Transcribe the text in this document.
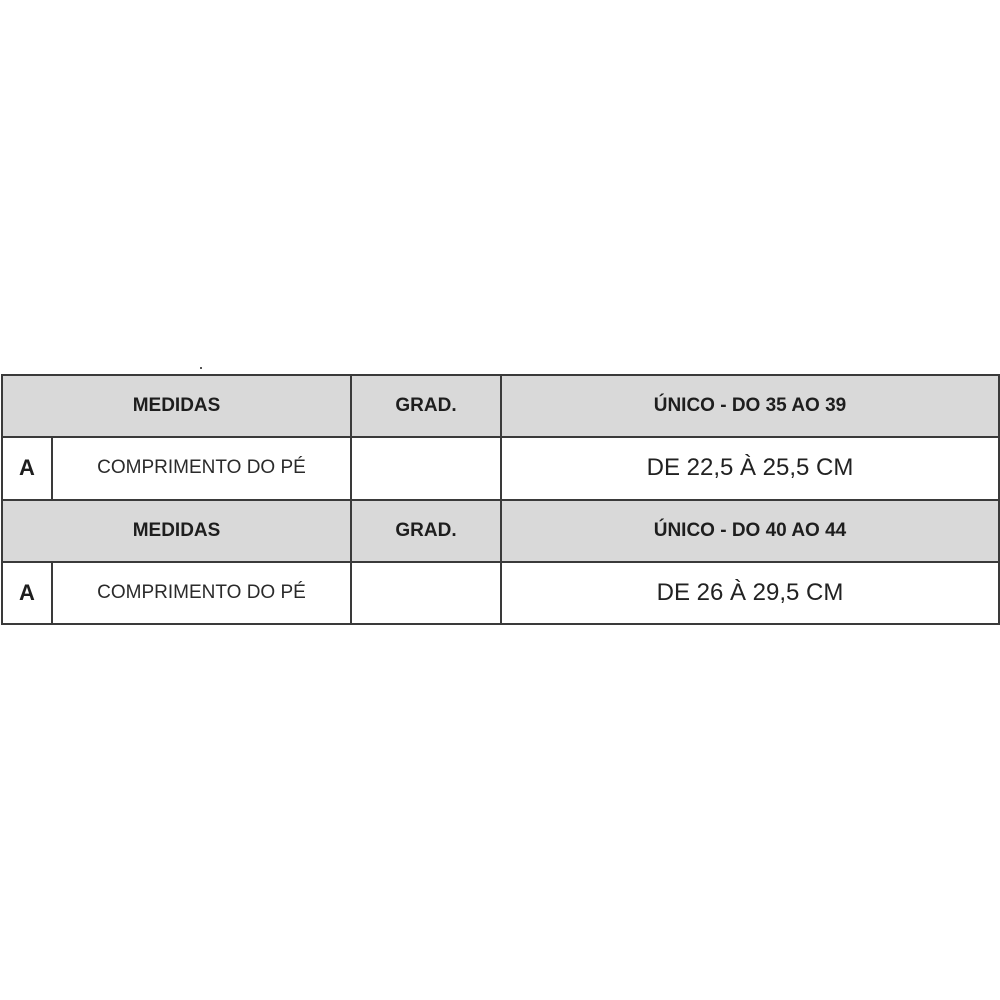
MEDIDAS		GRAD.	ÚNICO - DO 35 AO 39
A	COMPRIMENTO DO PÉ		DE 22,5 À 25,5 CM
MEDIDAS		GRAD.	ÚNICO - DO 40 AO 44
A	COMPRIMENTO DO PÉ		DE 26 À 29,5 CM
